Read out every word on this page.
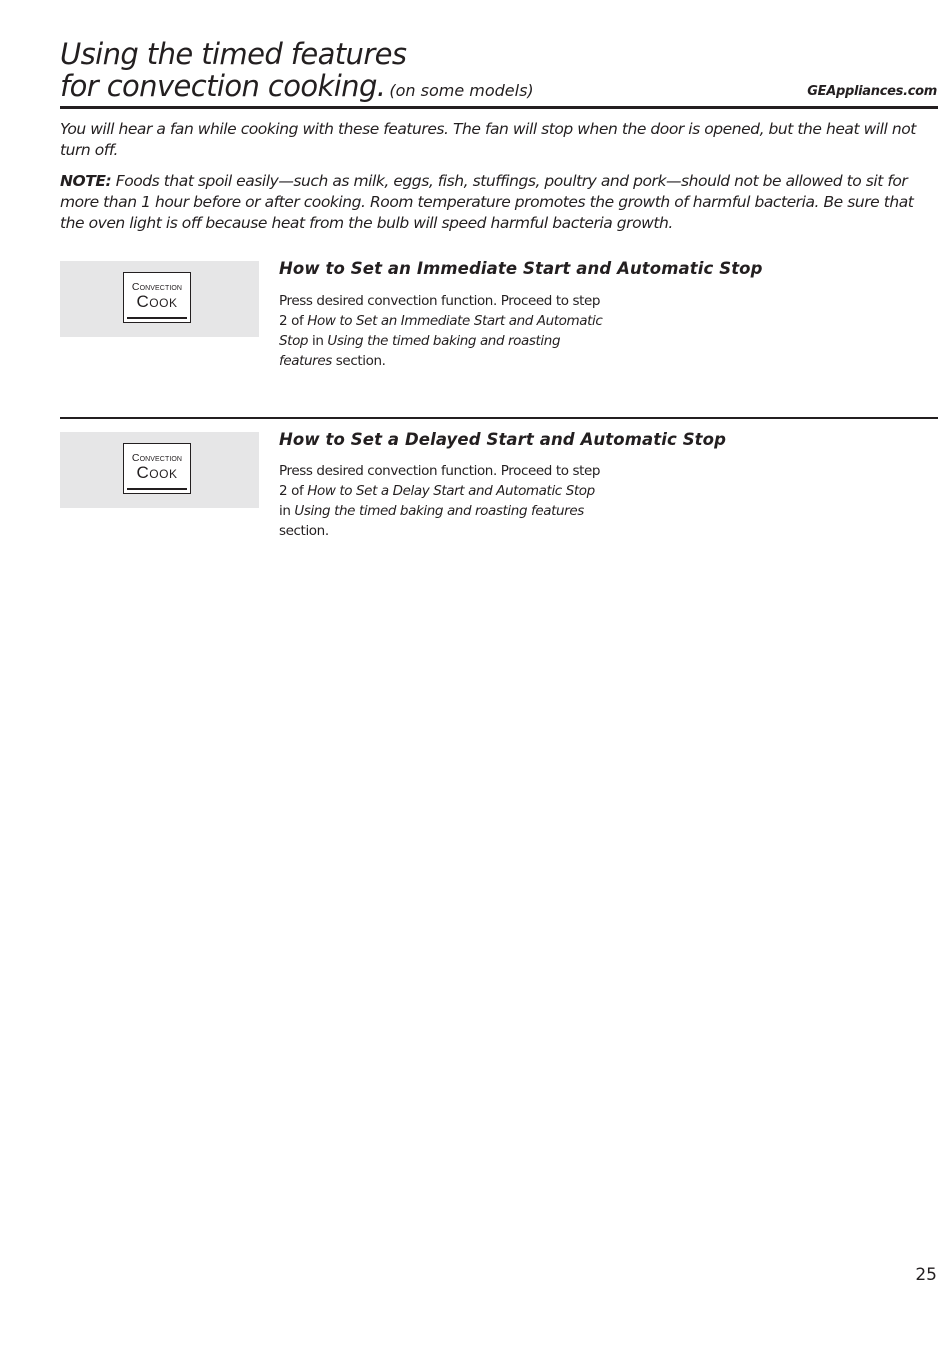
Using the timed features
for convection cooking. (on some models)	GEAppliances.com

You will hear a fan while cooking with these features. The fan will stop when the door is opened, but the heat will not turn off.

NOTE: Foods that spoil easily—such as milk, eggs, fish, stuffings, poultry and pork—should not be allowed to sit for more than 1 hour before or after cooking. Room temperature promotes the growth of harmful bacteria. Be sure that the oven light is off because heat from the bulb will speed harmful bacteria growth.

Convection
Cook
How to Set an Immediate Start and Automatic Stop

Press desired convection function. Proceed to step 2 of How to Set an Immediate Start and Automatic Stop in Using the timed baking and roasting features section.

Convection
Cook
How to Set a Delayed Start and Automatic Stop

Press desired convection function. Proceed to step 2 of How to Set a Delay Start and Automatic Stop in Using the timed baking and roasting features section.

25
